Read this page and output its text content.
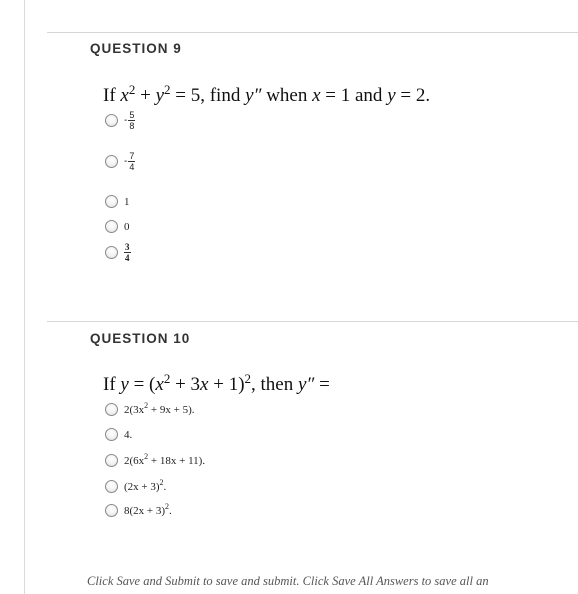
QUESTION 9
If $x^2 + y^2 = 5$, find y″ when x = 1 and y = 2.
- $\frac{5}{8}$
- $\frac{7}{4}$
1
0
$\frac{3}{4}$
QUESTION 10
If $y = (x^2 + 3x + 1)^2$, then y″ =
$2(3x^2 + 9x + 5)$.
4.
$2(6x^2 + 18x + 11)$.
$(2x + 3)^2$.
$8(2x + 3)^2$.
Click Save and Submit to save and submit. Click Save All Answers to save all an
